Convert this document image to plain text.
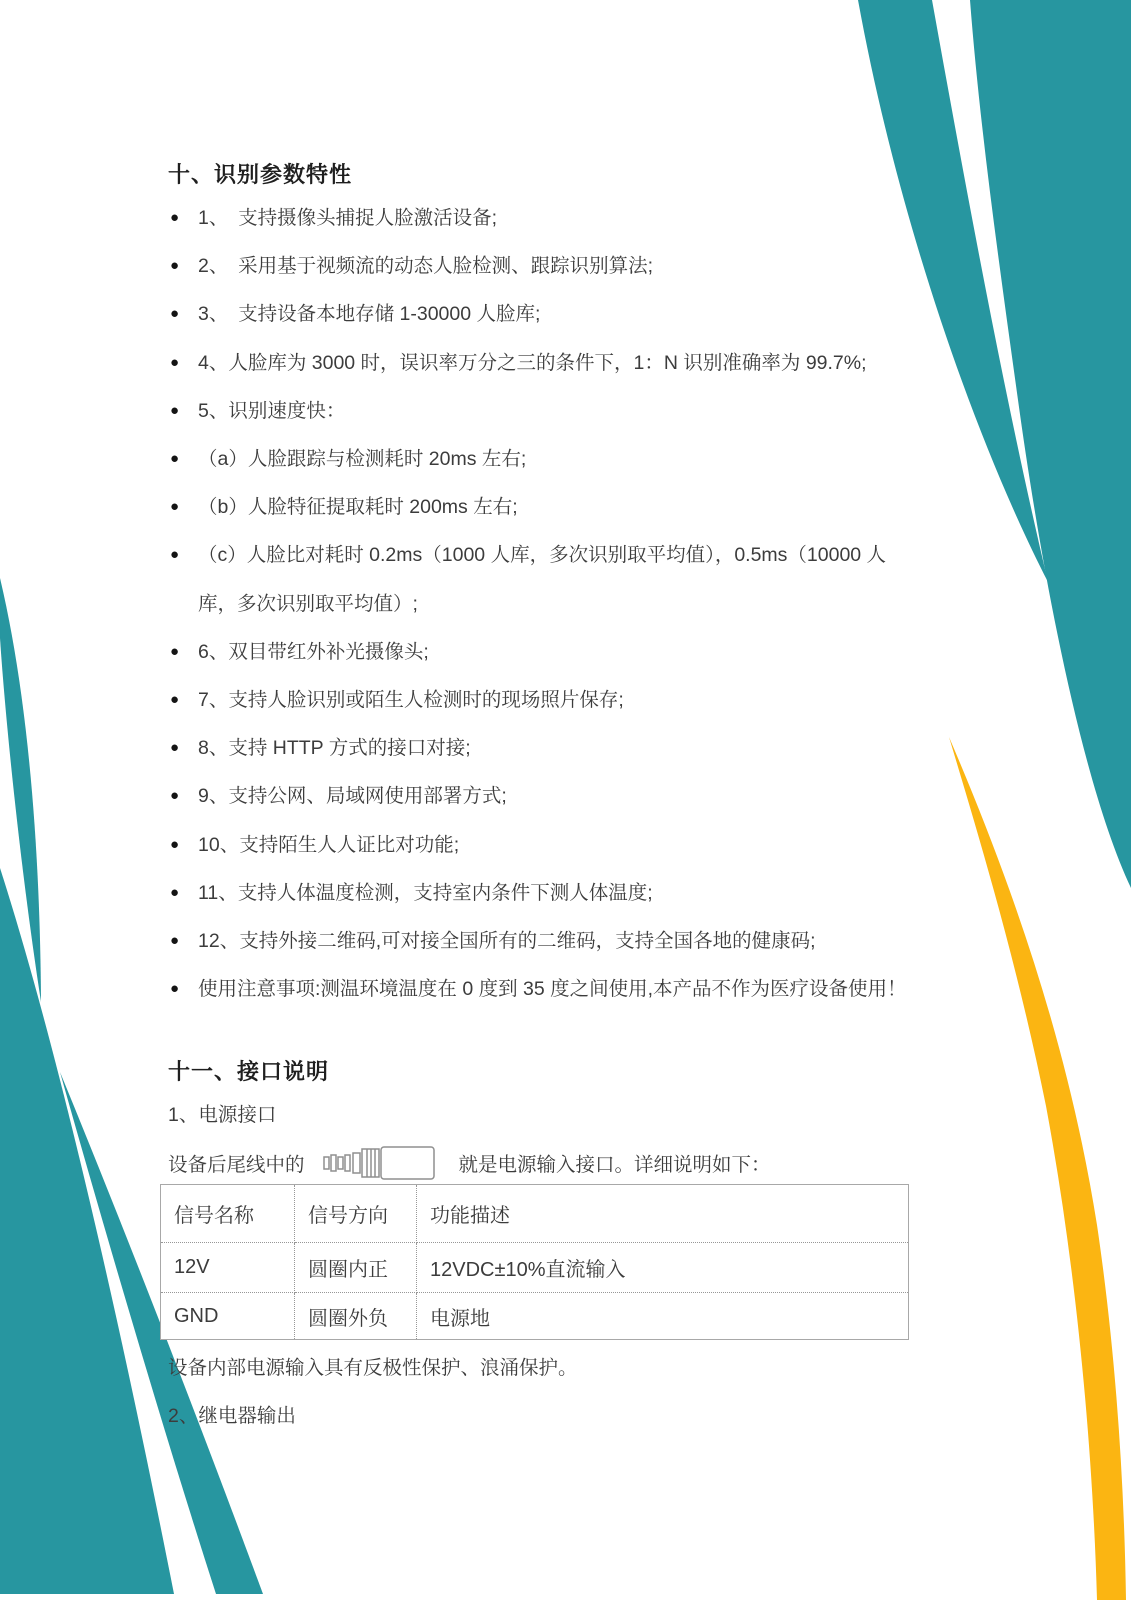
十、识别参数特性
● 1、　支持摄像头捕捉人脸激活设备;
● 2、　采用基于视频流的动态人脸检测、跟踪识别算法;
● 3、　支持设备本地存储 1-30000 人脸库;
● 4、人脸库为 3000 时，误识率万分之三的条件下，1：N 识别准确率为 99.7%;
● 5、识别速度快：
● （a）人脸跟踪与检测耗时 20ms 左右;
● （b）人脸特征提取耗时 200ms 左右;
● （c）人脸比对耗时 0.2ms（1000 人库，多次识别取平均值），0.5ms（10000 人
库，多次识别取平均值）;
● 6、双目带红外补光摄像头;
● 7、支持人脸识别或陌生人检测时的现场照片保存;
● 8、支持 HTTP 方式的接口对接;
● 9、支持公网、局域网使用部署方式;
● 10、支持陌生人人证比对功能;
● 11、支持人体温度检测，支持室内条件下测人体温度;
● 12、支持外接二维码,可对接全国所有的二维码，支持全国各地的健康码;
● 使用注意事项:测温环境温度在 0 度到 35 度之间使用,本产品不作为医疗设备使用！
十一、接口说明
1、电源接口
设备后尾线中的	就是电源输入接口。详细说明如下：
信号名称	信号方向	功能描述
12V	圆圈内正	12VDC±10%直流输入
GND	圆圈外负	电源地
设备内部电源输入具有反极性保护、浪涌保护。
2、继电器输出
